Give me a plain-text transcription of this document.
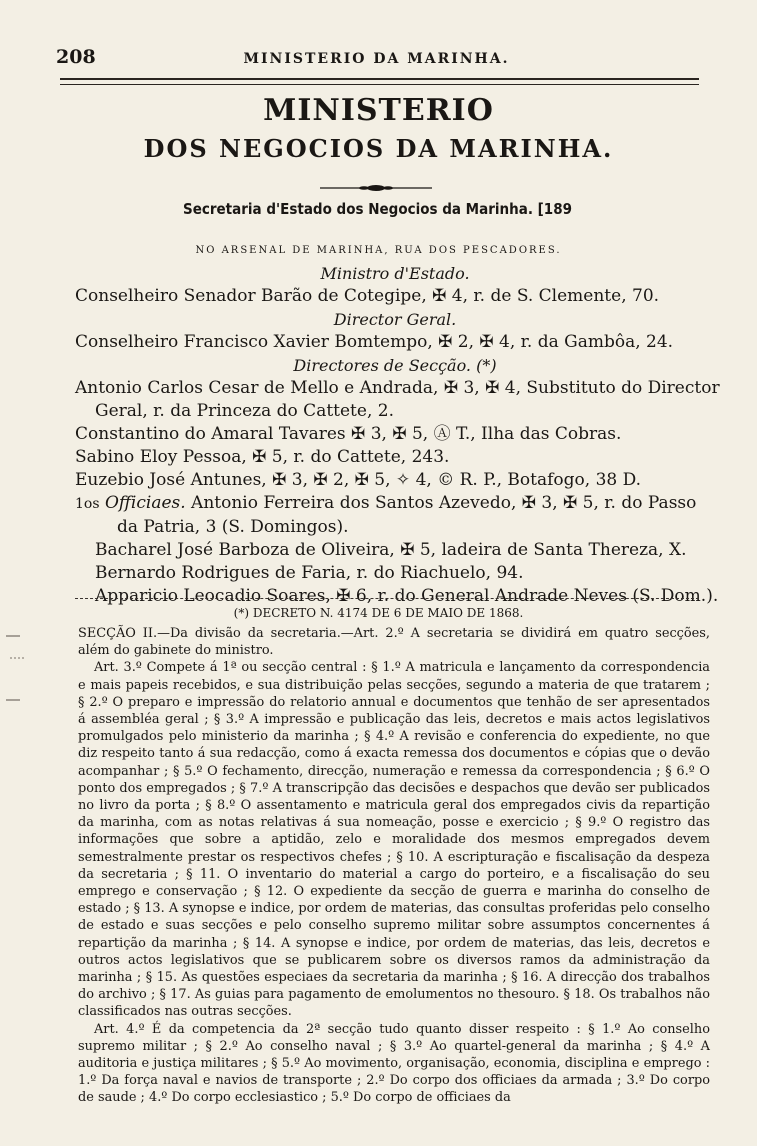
208	MINISTERIO DA MARINHA.
MINISTERIO
DOS NEGOCIOS DA MARINHA.
Secretaria d'Estado dos Negocios da Marinha. [189
NO ARSENAL DE MARINHA, RUA DOS PESCADORES.
Ministro d'Estado.
Conselheiro Senador Barão de Cotegipe, ✠ 4, r. de S. Clemente, 70.
Director Geral.
Conselheiro Francisco Xavier Bomtempo, ✠ 2, ✠ 4, r. da Gambôa, 24.
Directores de Secção. (*)
Antonio Carlos Cesar de Mello e Andrada, ✠ 3, ✠ 4, Substituto do Director
Geral, r. da Princeza do Cattete, 2.
Constantino do Amaral Tavares ✠ 3, ✠ 5, Ⓐ T., Ilha das Cobras.
Sabino Eloy Pessoa, ✠ 5, r. do Cattete, 243.
Euzebio José Antunes, ✠ 3, ✠ 2, ✠ 5, ✧ 4, © R. P., Botafogo, 38 D.
1os Officiaes. Antonio Ferreira dos Santos Azevedo, ✠ 3, ✠ 5, r. do Passo
da Patria, 3 (S. Domingos).
Bacharel José Barboza de Oliveira, ✠ 5, ladeira de Santa Thereza, X.
Bernardo Rodrigues de Faria, r. do Riachuelo, 94.
Apparicio Leocadio Soares, ✠ 6, r. do General Andrade Neves (S. Dom.).
(*) DECRETO N. 4174 DE 6 DE MAIO DE 1868.

SECÇÃO II.—Da divisão da secretaria.—Art. 2.º A secretaria se dividirá em quatro secções, além do gabinete do ministro.

Art. 3.º Compete á 1ª ou secção central : § 1.º A matricula e lançamento da correspondencia e mais papeis recebidos, e sua distribuição pelas secções, segundo a materia de que tratarem ; § 2.º O preparo e impressão do relatorio annual e documentos que tenhão de ser apresentados á assembléa geral ; § 3.º A impressão e publicação das leis, decretos e mais actos legislativos promulgados pelo ministerio da marinha ; § 4.º A revisão e conferencia do expediente, no que diz respeito tanto á sua redacção, como á exacta remessa dos documentos e cópias que o devão acompanhar ; § 5.º O fechamento, direcção, numeração e remessa da correspondencia ; § 6.º O ponto dos empregados ; § 7.º A transcripção das decisões e despachos que devão ser publicados no livro da porta ; § 8.º O assentamento e matricula geral dos empregados civis da repartição da marinha, com as notas relativas á sua nomeação, posse e exercicio ; § 9.º O registro das informações que sobre a aptidão, zelo e moralidade dos mesmos empregados devem semestralmente prestar os respectivos chefes ; § 10. A escripturação e fiscalisação da despeza da secretaria ; § 11. O inventario do material a cargo do porteiro, e a fiscalisação do seu emprego e conservação ; § 12. O expediente da secção de guerra e marinha do conselho de estado ; § 13. A synopse e indice, por ordem de materias, das consultas proferidas pelo conselho de estado e suas secções e pelo conselho supremo militar sobre assumptos concernentes á repartição da marinha ; § 14. A synopse e indice, por ordem de materias, das leis, decretos e outros actos legislativos que se publicarem sobre os diversos ramos da administração da marinha ; § 15. As questões especiaes da secretaria da marinha ; § 16. A direcção dos trabalhos do archivo ; § 17. As guias para pagamento de emolumentos no thesouro. § 18. Os trabalhos não classificados nas outras secções.

Art. 4.º É da competencia da 2ª secção tudo quanto disser respeito : § 1.º Ao conselho supremo militar ; § 2.º Ao conselho naval ; § 3.º Ao quartel-general da marinha ; § 4.º A auditoria e justiça militares ; § 5.º Ao movimento, organisação, economia, disciplina e emprego : 1.º Da força naval e navios de transporte ; 2.º Do corpo dos officiaes da armada ; 3.º Do corpo de saude ; 4.º Do corpo ecclesiastico ; 5.º Do corpo de officiaes da
